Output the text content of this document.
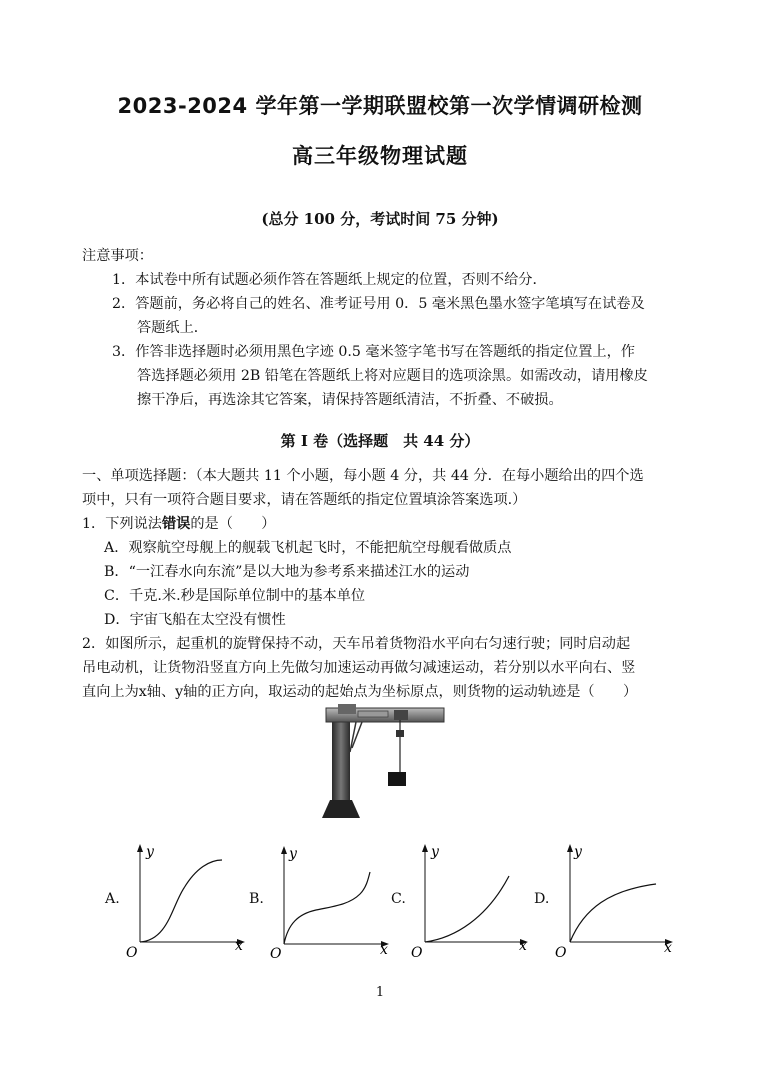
2023-2024 学年第一学期联盟校第一次学情调研检测
高三年级物理试题
(总分 100 分，考试时间 75 分钟)
注意事项：
1．本试卷中所有试题必须作答在答题纸上规定的位置，否则不给分．
2．答题前，务必将自己的姓名、准考证号用 0．5 毫米黑色墨水签字笔填写在试卷及
答题纸上．
3．作答非选择题时必须用黑色字迹 0.5 毫米签字笔书写在答题纸的指定位置上，作
答选择题必须用 2B 铅笔在答题纸上将对应题目的选项涂黑。如需改动，请用橡皮
擦干净后，再选涂其它答案，请保持答题纸清洁，不折叠、不破损。
第 I 卷（选择题　共 44 分）
一、单项选择题：（本大题共 11 个小题，每小题 4 分，共 44 分．在每小题给出的四个选
项中，只有一项符合题目要求，请在答题纸的指定位置填涂答案选项.）
1．下列说法错误的是（　　）
A．观察航空母舰上的舰载飞机起飞时，不能把航空母舰看做质点
B．“一江春水向东流”是以大地为参考系来描述江水的运动
C．千克.米.秒是国际单位制中的基本单位
D．宇宙飞船在太空没有惯性
2．如图所示，起重机的旋臂保持不动，天车吊着货物沿水平向右匀速行驶；同时启动起
吊电动机，让货物沿竖直方向上先做匀加速运动再做匀减速运动，若分别以水平向右、竖
直向上为x轴、y轴的正方向，取运动的起始点为坐标原点，则货物的运动轨迹是（　　）
A.
y
x
O
B.
y
x
O
C.
y
x
O
D.
y
x
O
1
